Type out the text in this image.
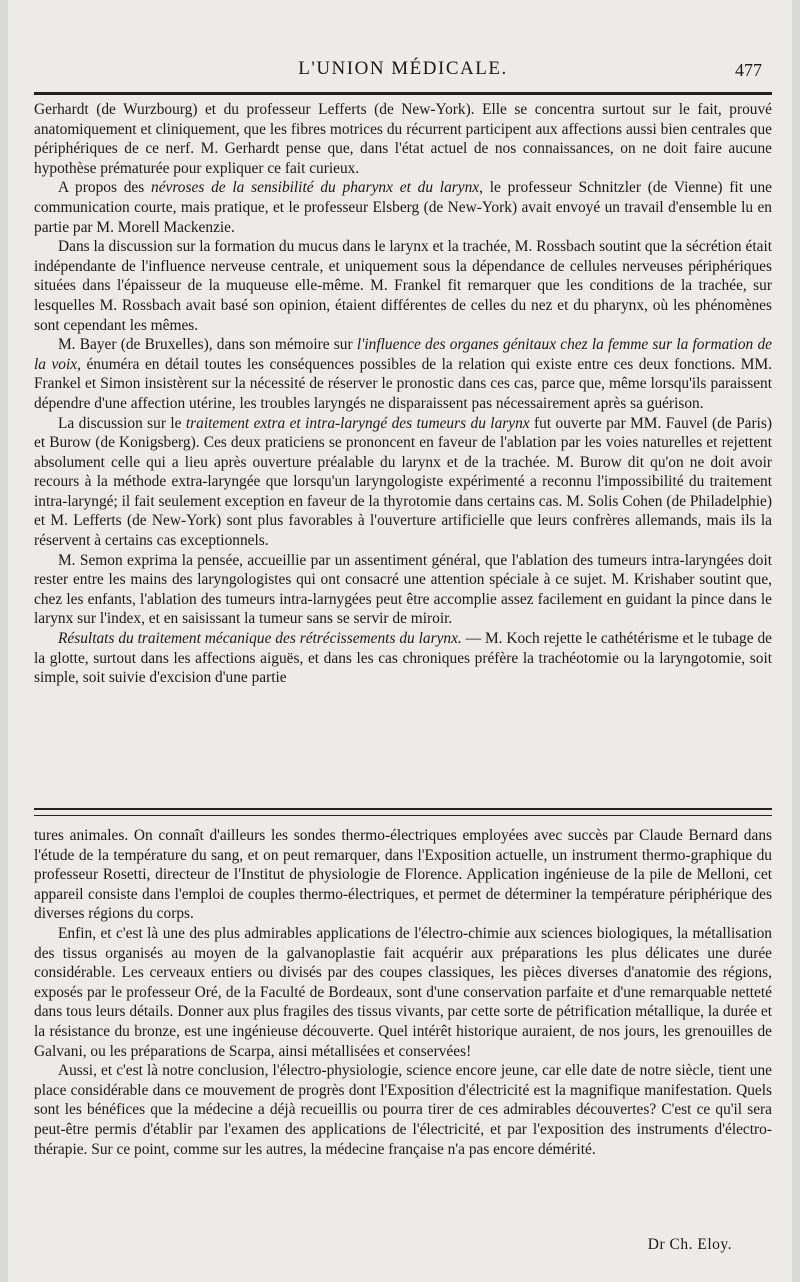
L'UNION MÉDICALE.	477

Gerhardt (de Wurzbourg) et du professeur Lefferts (de New-York). Elle se concentra surtout sur le fait, prouvé anatomiquement et cliniquement, que les fibres motrices du récurrent participent aux affections aussi bien centrales que périphériques de ce nerf. M. Gerhardt pense que, dans l'état actuel de nos connaissances, on ne doit faire aucune hypothèse prématurée pour expliquer ce fait curieux.

A propos des névroses de la sensibilité du pharynx et du larynx, le professeur Schnitzler (de Vienne) fit une communication courte, mais pratique, et le professeur Elsberg (de New-York) avait envoyé un travail d'ensemble lu en partie par M. Morell Mackenzie.

Dans la discussion sur la formation du mucus dans le larynx et la trachée, M. Rossbach soutint que la sécrétion était indépendante de l'influence nerveuse centrale, et uniquement sous la dépendance de cellules nerveuses périphériques situées dans l'épaisseur de la muqueuse elle-même. M. Frankel fit remarquer que les conditions de la trachée, sur lesquelles M. Rossbach avait basé son opinion, étaient différentes de celles du nez et du pharynx, où les phénomènes sont cependant les mêmes.

M. Bayer (de Bruxelles), dans son mémoire sur l'influence des organes génitaux chez la femme sur la formation de la voix, énuméra en détail toutes les conséquences possibles de la relation qui existe entre ces deux fonctions. MM. Frankel et Simon insistèrent sur la nécessité de réserver le pronostic dans ces cas, parce que, même lorsqu'ils paraissent dépendre d'une affection utérine, les troubles laryngés ne disparaissent pas nécessairement après sa guérison.

La discussion sur le traitement extra et intra-laryngé des tumeurs du larynx fut ouverte par MM. Fauvel (de Paris) et Burow (de Konigsberg). Ces deux praticiens se prononcent en faveur de l'ablation par les voies naturelles et rejettent absolument celle qui a lieu après ouverture préalable du larynx et de la trachée. M. Burow dit qu'on ne doit avoir recours à la méthode extra-laryngée que lorsqu'un laryngologiste expérimenté a reconnu l'impossibilité du traitement intra-laryngé; il fait seulement exception en faveur de la thyrotomie dans certains cas. M. Solis Cohen (de Philadelphie) et M. Lefferts (de New-York) sont plus favorables à l'ouverture artificielle que leurs confrères allemands, mais ils la réservent à certains cas exceptionnels.

M. Semon exprima la pensée, accueillie par un assentiment général, que l'ablation des tumeurs intra-laryngées doit rester entre les mains des laryngologistes qui ont consacré une attention spéciale à ce sujet. M. Krishaber soutint que, chez les enfants, l'ablation des tumeurs intra-larnygées peut être accomplie assez facilement en guidant la pince dans le larynx sur l'index, et en saisissant la tumeur sans se servir de miroir.

Résultats du traitement mécanique des rétrécissements du larynx. — M. Koch rejette le cathétérisme et le tubage de la glotte, surtout dans les affections aiguës, et dans les cas chroniques préfère la trachéotomie ou la laryngotomie, soit simple, soit suivie d'excision d'une partie

tures animales. On connaît d'ailleurs les sondes thermo-électriques employées avec succès par Claude Bernard dans l'étude de la température du sang, et on peut remarquer, dans l'Exposition actuelle, un instrument thermo-graphique du professeur Rosetti, directeur de l'Institut de physiologie de Florence. Application ingénieuse de la pile de Melloni, cet appareil consiste dans l'emploi de couples thermo-électriques, et permet de déterminer la température périphérique des diverses régions du corps.

Enfin, et c'est là une des plus admirables applications de l'électro-chimie aux sciences biologiques, la métallisation des tissus organisés au moyen de la galvanoplastie fait acquérir aux préparations les plus délicates une durée considérable. Les cerveaux entiers ou divisés par des coupes classiques, les pièces diverses d'anatomie des régions, exposés par le professeur Oré, de la Faculté de Bordeaux, sont d'une conservation parfaite et d'une remarquable netteté dans tous leurs détails. Donner aux plus fragiles des tissus vivants, par cette sorte de pétrification métallique, la durée et la résistance du bronze, est une ingénieuse découverte. Quel intérêt historique auraient, de nos jours, les grenouilles de Galvani, ou les préparations de Scarpa, ainsi métallisées et conservées!

Aussi, et c'est là notre conclusion, l'électro-physiologie, science encore jeune, car elle date de notre siècle, tient une place considérable dans ce mouvement de progrès dont l'Exposition d'électricité est la magnifique manifestation. Quels sont les bénéfices que la médecine a déjà recueillis ou pourra tirer de ces admirables découvertes? C'est ce qu'il sera peut-être permis d'établir par l'examen des applications de l'électricité, et par l'exposition des instruments d'électro-thérapie. Sur ce point, comme sur les autres, la médecine française n'a pas encore démérité.

Dr Ch. Eloy.
